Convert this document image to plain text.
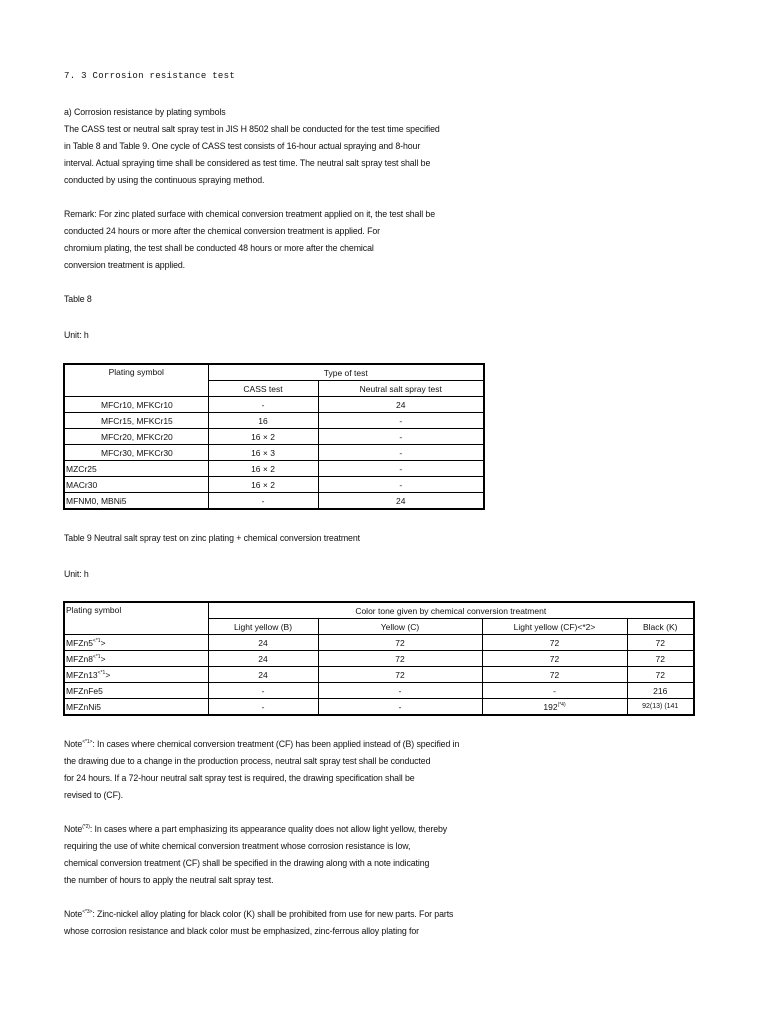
7. 3 Corrosion resistance test
a) Corrosion resistance by plating symbols
The CASS test or neutral salt spray test in JIS H 8502 shall be conducted for the test time specified
in Table 8 and Table 9. One cycle of CASS test consists of 16-hour actual spraying and 8-hour
interval. Actual spraying time shall be considered as test time. The neutral salt spray test shall be
conducted by using the continuous spraying method.
Remark: For zinc plated surface with chemical conversion treatment applied on it, the test shall be
conducted 24 hours or more after the chemical conversion treatment is applied. For
chromium plating, the test shall be conducted 48 hours or more after the chemical
conversion treatment is applied.
Table 8
Unit: h
Plating symbol	Type of test	
	CASS test	Neutral salt spray test
MFCr10, MFKCr10	-	24
MFCr15, MFKCr15	16	-
MFCr20, MFKCr20	16 × 2	-
MFCr30, MFKCr30	16 × 3	-
MZCr25	16 × 2	-
MACr30	16 × 2	-
MFNM0, MBNi5	-	24
Table 9 Neutral salt spray test on zinc plating + chemical conversion treatment
Unit: h
Plating symbol	Color tone given by chemical conversion treatment			
	Light yellow (B)	Yellow (C)	Light yellow (CF)<*2>	Black (K)
$MFZn5^{<*1}>$	24	72	72	72
$MFZn8^{<*1}>$	24	72	72	72
$MFZn13^{<*1}>$	24	72	72	72
MFZnFe5	-	-	-	216
MFZnNi5	-	-	$192^{(*4)}$	92(13) (141
Note$^{<*1>}$: In cases where chemical conversion treatment (CF) has been applied instead of (B) specified in
the drawing due to a change in the production process, neutral salt spray test shall be conducted
for 24 hours. If a 72-hour neutral salt spray test is required, the drawing specification shall be
revised to (CF).
Note$^{(*2)}$: In cases where a part emphasizing its appearance quality does not allow light yellow, thereby
requiring the use of white chemical conversion treatment whose corrosion resistance is low,
chemical conversion treatment (CF) shall be specified in the drawing along with a note indicating
the number of hours to apply the neutral salt spray test.
Note$^{<*3>}$: Zinc-nickel alloy plating for black color (K) shall be prohibited from use for new parts. For parts
whose corrosion resistance and black color must be emphasized, zinc-ferrous alloy plating for
